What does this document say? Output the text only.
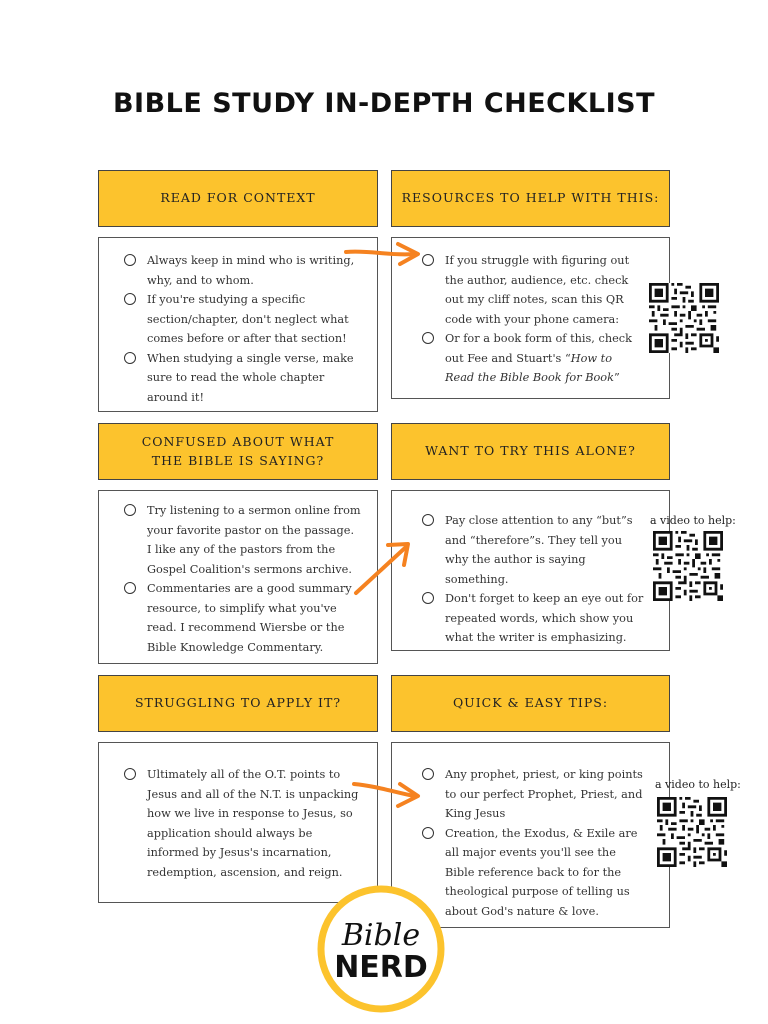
BIBLE STUDY IN-DEPTH CHECKLIST
READ FOR CONTEXT	RESOURCES TO HELP WITH THIS:
Always keep in mind who is writing, why, and to whom.
If you're studying a specific section/chapter, don't neglect what comes before or after that section!
When studying a single verse, make sure to read the whole chapter around it!
If you struggle with figuring out the author, audience, etc. check out my cliff notes, scan this QR code with your phone camera:
Or for a book form of this, check out Fee and Stuart's “How to Read the Bible Book for Book”
CONFUSED ABOUT WHAT THE BIBLE IS SAYING?
WANT TO TRY THIS ALONE?
Try listening to a sermon online from your favorite pastor on the passage. I like any of the pastors from the Gospel Coalition's sermons archive.
Commentaries are a good summary resource, to simplify what you've read. I recommend Wiersbe or the Bible Knowledge Commentary.
Pay close attention to any “but”s and “therefore”s. They tell you why the author is saying something.
Don't forget to keep an eye out for repeated words, which show you what the writer is emphasizing.
a video to help:
STRUGGLING TO APPLY IT?	QUICK & EASY TIPS:
Ultimately all of the O.T. points to Jesus and all of the N.T. is unpacking how we live in response to Jesus, so application should always be informed by Jesus's incarnation, redemption, ascension, and reign.
Any prophet, priest, or king points to our perfect Prophet, Priest, and King Jesus
Creation, the Exodus, & Exile are all major events you'll see the Bible reference back to for the theological purpose of telling us about God's nature & love.
a video to help:
Bible
NERD
